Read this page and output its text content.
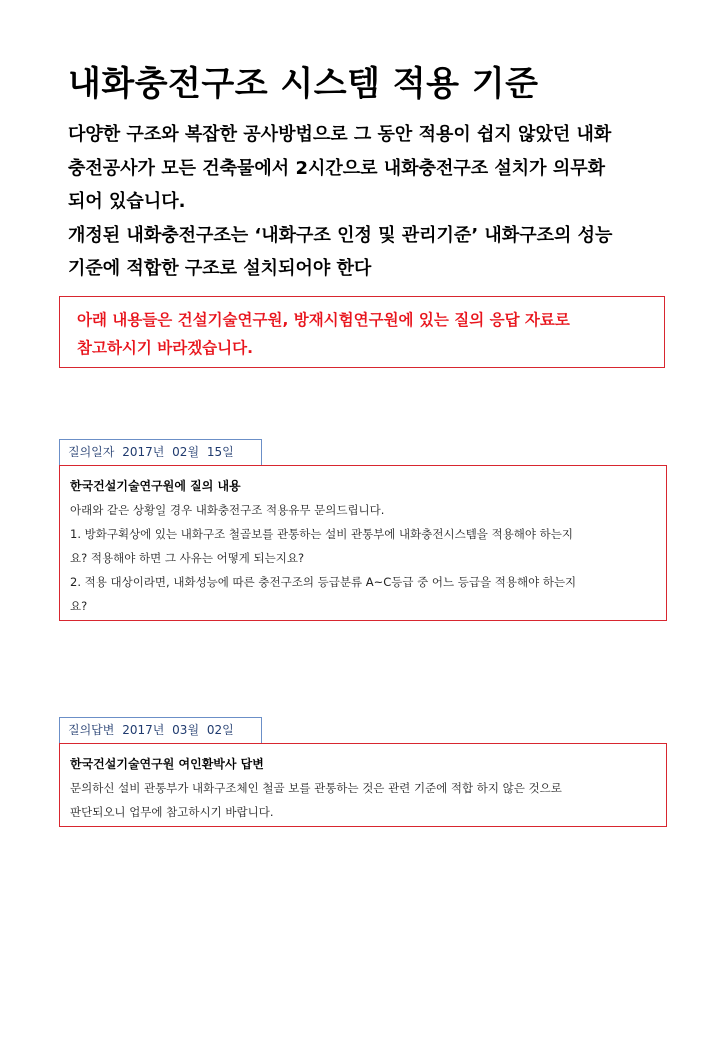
내화충전구조 시스템 적용 기준
다양한 구조와 복잡한 공사방법으로 그 동안 적용이 쉽지 않았던 내화
충전공사가 모든 건축물에서 2시간으로 내화충전구조 설치가 의무화
되어 있습니다.
개정된 내화충전구조는 ‘내화구조 인정 및 관리기준’ 내화구조의 성능
기준에 적합한 구조로 설치되어야 한다
아래 내용들은 건설기술연구원, 방재시험연구원에 있는 질의 응답 자료로
참고하시기 바라겠습니다.
질의일자 2017년 02월 15일
한국건설기술연구원에 질의 내용
아래와 같은 상황일 경우 내화충전구조 적용유무 문의드립니다.
1. 방화구획상에 있는 내화구조 철골보를 관통하는 설비 관통부에 내화충전시스템을 적용해야 하는지
요? 적용해야 하면 그 사유는 어떻게 되는지요?
2. 적용 대상이라면, 내화성능에 따른 충전구조의 등급분류 A~C등급 중 어느 등급을 적용해야 하는지
요?
질의답변 2017년 03월 02일
한국건설기술연구원 여인환박사 답변
문의하신 설비 관통부가 내화구조체인 철골 보를 관통하는 것은 관련 기준에 적합 하지 않은 것으로
판단되오니 업무에 참고하시기 바랍니다.
